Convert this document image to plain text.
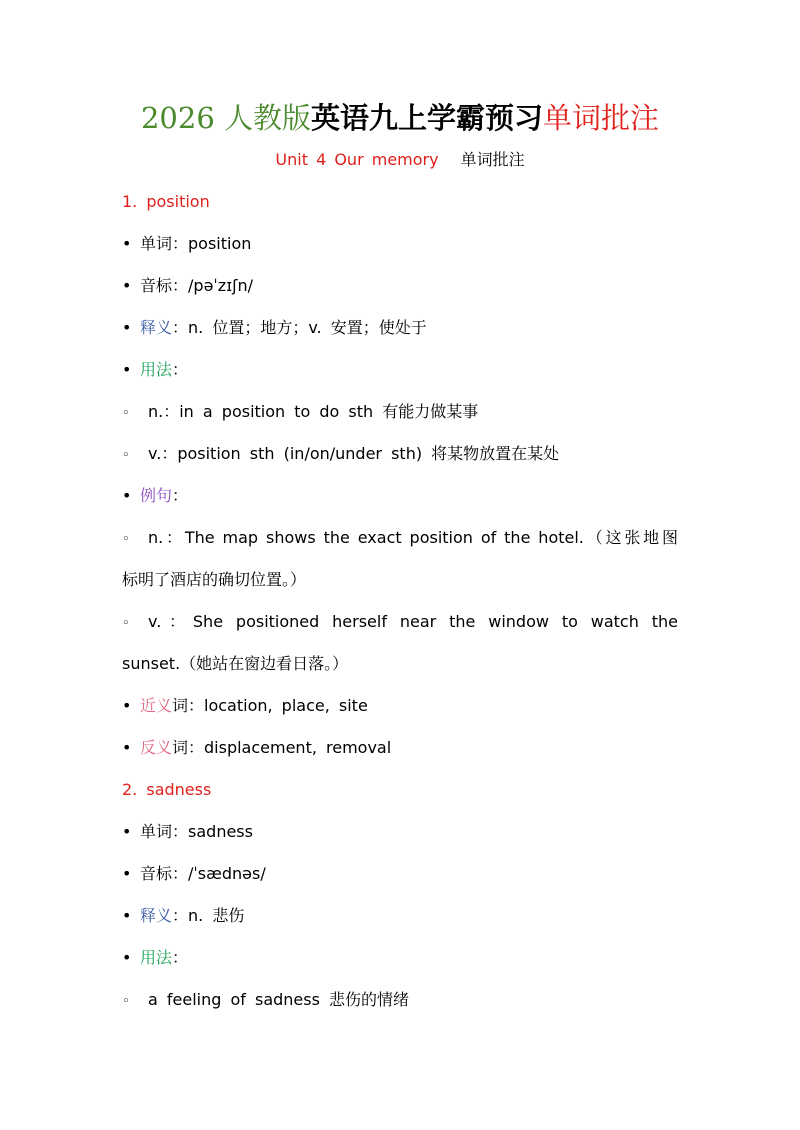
2026 人教版英语九上学霸预习单词批注
Unit 4 Our memory 单词批注
1. position
• 单词：position
• 音标：/pəˈzɪʃn/
• 释义：n. 位置；地方；v. 安置；使处于
• 用法：
◦ n.：in a position to do sth 有能力做某事
◦ v.：position sth (in/on/under sth) 将某物放置在某处
• 例句：
◦ n.：The map shows the exact position of the hotel.（这张地图
标明了酒店的确切位置。）
◦ v.：She positioned herself near the window to watch the
sunset.（她站在窗边看日落。）
• 近义词：location, place, site
• 反义词：displacement, removal
2. sadness
• 单词：sadness
• 音标：/ˈsædnəs/
• 释义：n. 悲伤
• 用法：
◦ a feeling of sadness 悲伤的情绪
